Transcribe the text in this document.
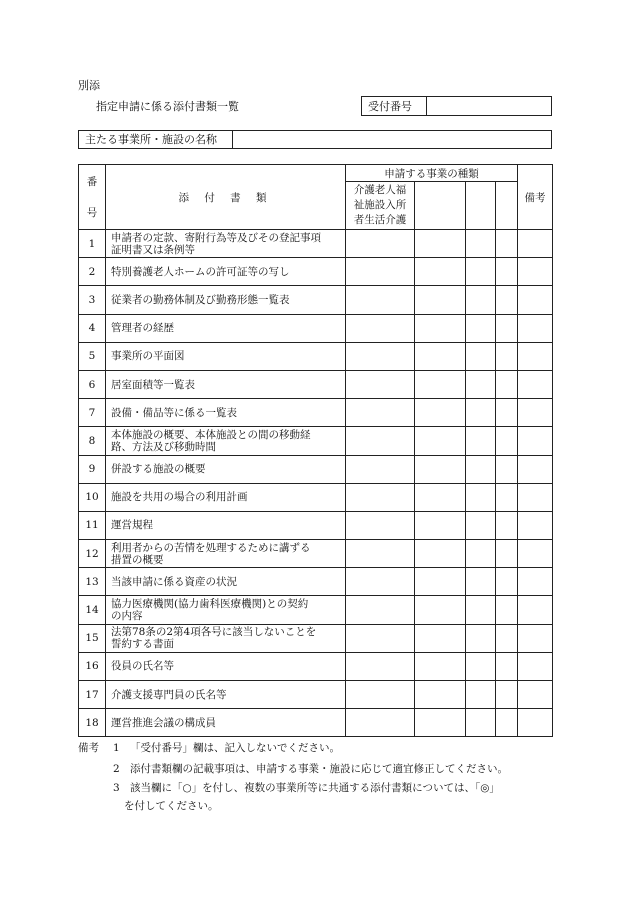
別添
指定申請に係る添付書類一覧	受付番号
主たる事業所・施設の名称
番
号	添 付 書 類	申請する事業の種類				備考

		介護老人福
祉施設入所
者生活介護				

1	申請者の定款、寄附行為等及びその登記事項
証明書又は条例等					

2	特別養護老人ホームの許可証等の写し					

3	従業者の勤務体制及び勤務形態一覧表					

4	管理者の経歴					

5	事業所の平面図					

6	居室面積等一覧表					

7	設備・備品等に係る一覧表					

8	本体施設の概要、本体施設との間の移動経
路、方法及び移動時間					

9	併設する施設の概要					

10	施設を共用の場合の利用計画					

11	運営規程					

12	利用者からの苦情を処理するために講ずる
措置の概要					

13	当該申請に係る資産の状況					

14	協力医療機関(協力歯科医療機関)との契約
の内容					

15	法第78条の2第4項各号に該当しないことを
誓約する書面					

16	役員の氏名等					

17	介護支援専門員の氏名等					

18	運営推進会議の構成員					

備考 1 「受付番号」欄は、記入しないでください。
2 添付書類欄の記載事項は、申請する事業・施設に応じて適宜修正してください。
3 該当欄に「○」を付し、複数の事業所等に共通する添付書類については、「◎」
を付してください。
